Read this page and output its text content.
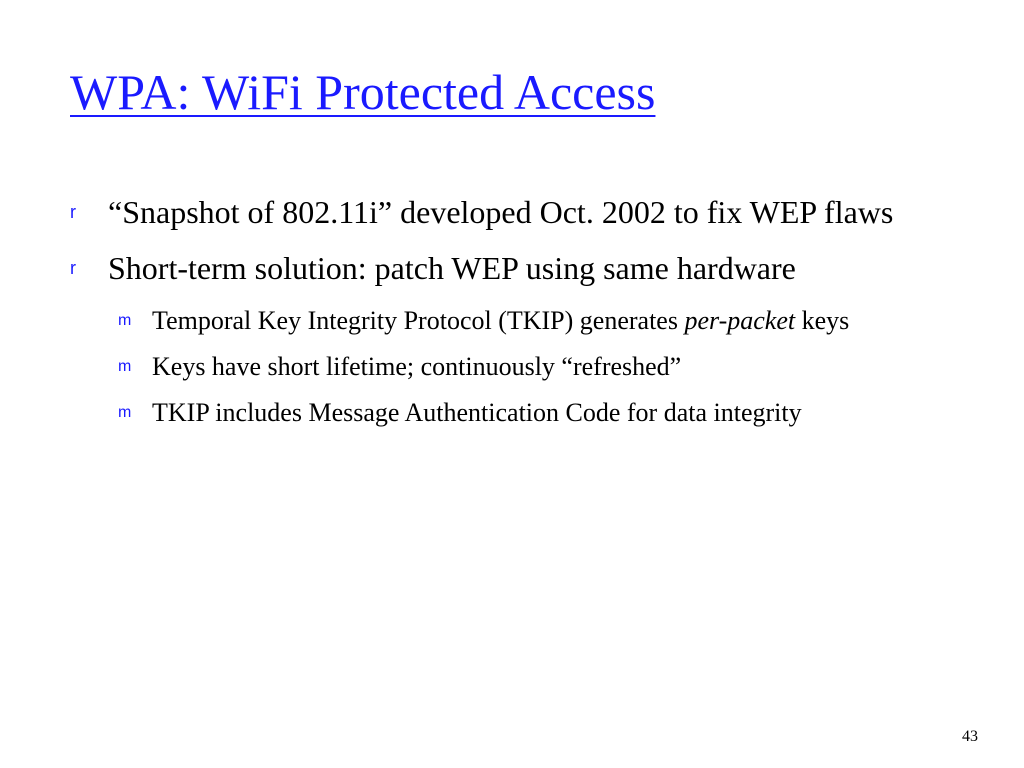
WPA: WiFi Protected Access
r “Snapshot of 802.11i” developed Oct. 2002 to fix WEP flaws
r Short-term solution: patch WEP using same hardware
m Temporal Key Integrity Protocol (TKIP) generates per-packet keys
m Keys have short lifetime; continuously “refreshed”
m TKIP includes Message Authentication Code for data integrity
43
